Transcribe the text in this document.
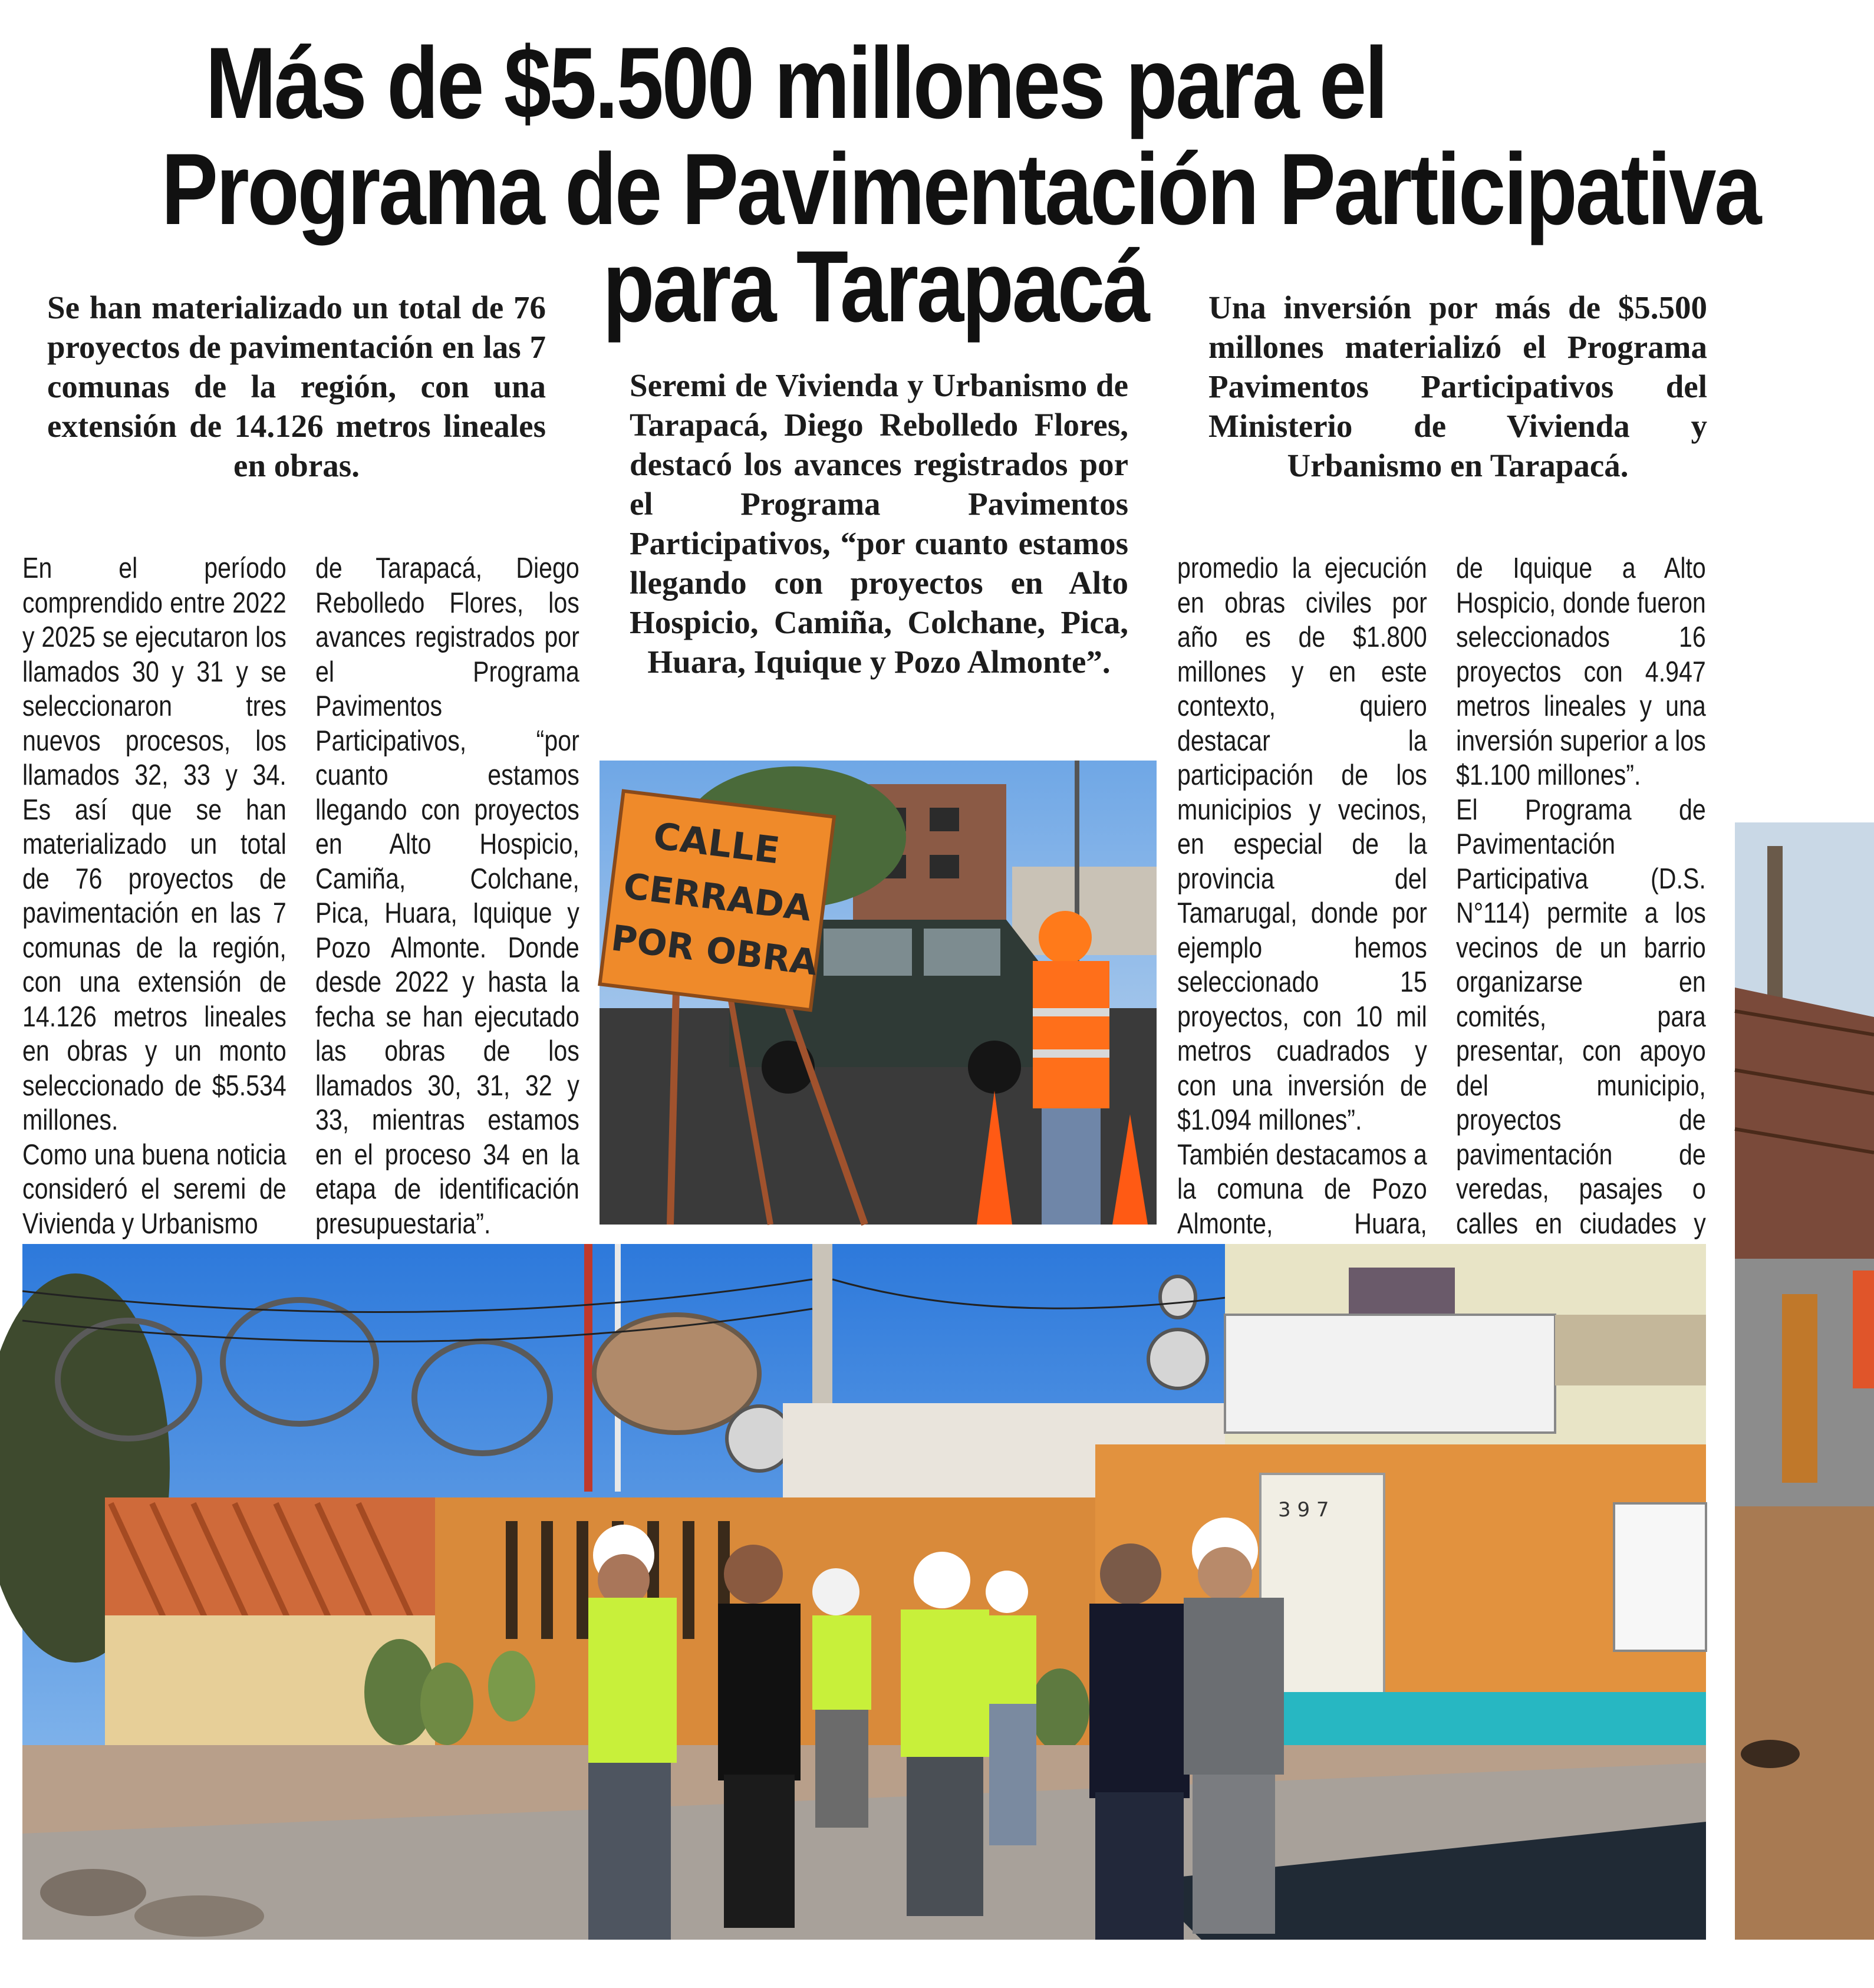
Más de $5.500 millones para el
Programa de Pavimentación Participativa
para Tarapacá
Se han materializado un total de 76 proyectos de pavimentación en las 7 comunas de la región, con una extensión de 14.126 metros lineales en obras.
Seremi de Vivienda y Urbanismo de Tarapacá, Diego Rebolledo Flores, destacó los avances registrados por el Programa Pavimentos Participativos, “por cuanto estamos llegando con proyectos en Alto Hospicio, Camiña, Colchane, Pica, Huara, Iquique y Pozo Almonte”.
Una inversión por más de $5.500 millones materializó el Programa Pavimentos Participativos del Ministerio de Vivienda y Urbanismo en Tarapacá.

En el período comprendido entre 2022 y 2025 se ejecutaron los llamados 30 y 31 y se seleccionaron tres nuevos procesos, los llamados 32, 33 y 34. Es así que se han materializado un total de 76 proyectos de pavimentación en las 7 comunas de la región, con una extensión de 14.126 metros lineales en obras y un monto seleccionado de $5.534 millones.

Como una buena noticia consideró el seremi de Vivienda y Urbanismo

de Tarapacá, Diego Rebolledo Flores, los avances registrados por el Programa Pavimentos Participativos, “por cuanto estamos llegando con proyectos en Alto Hospicio, Camiña, Colchane, Pica, Huara, Iquique y Pozo Almonte. Donde desde 2022 y hasta la fecha se han ejecutado las obras de los llamados 30, 31, 32 y 33, mientras estamos en el proceso 34 en la etapa de identificación presupuestaria”.

promedio la ejecución en obras civiles por año es de $1.800 millones y en este contexto, quiero destacar la participación de los municipios y vecinos, en especial de la provincia del Tamarugal, donde por ejemplo hemos seleccionado 15 proyectos, con 10 mil metros cuadrados y con una inversión de $1.094 millones”.

También destacamos a la comuna de Pozo Almonte, Huara,

de Iquique a Alto Hospicio, donde fueron seleccionados 16 proyectos con 4.947 metros lineales y una inversión superior a los $1.100 millones”.

El Programa de Pavimentación Participativa (D.S. N°114) permite a los vecinos de un barrio organizarse en comités, para presentar, con apoyo del municipio, proyectos de pavimentación de veredas, pasajes o calles en ciudades y

CALLE
CERRADA
POR OBRA
3 9 7
